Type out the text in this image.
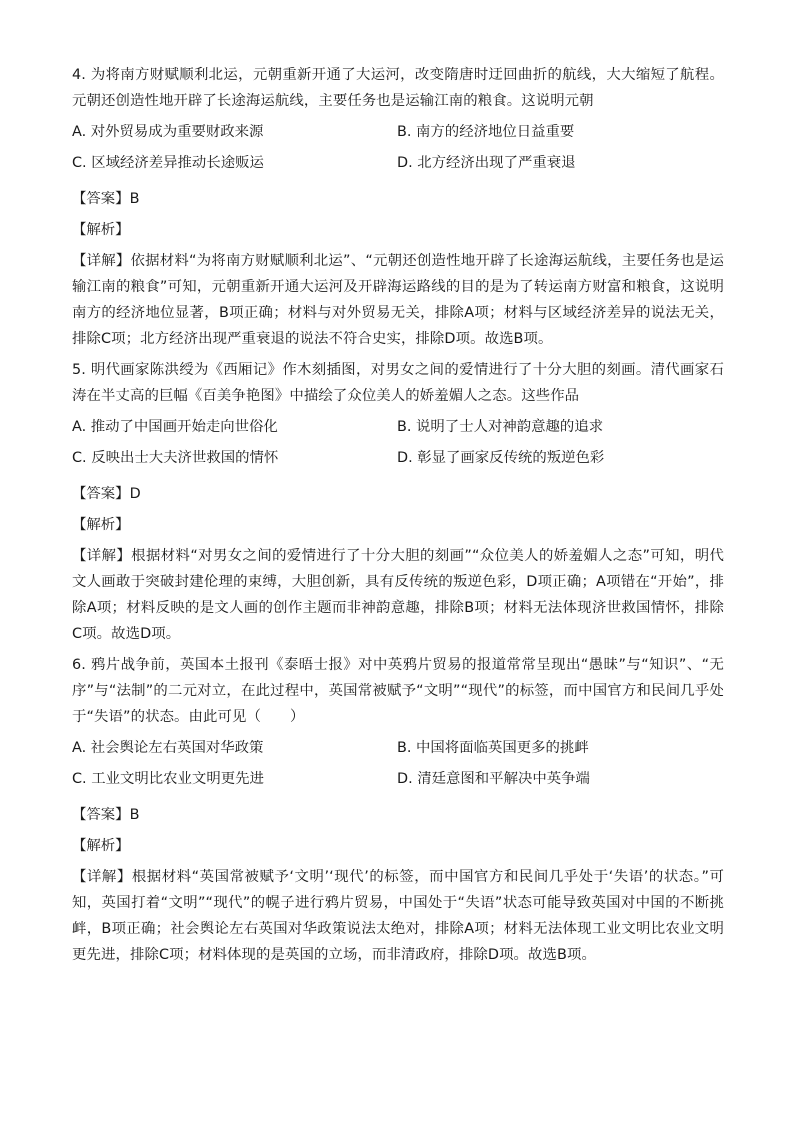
4. 为将南方财赋顺利北运，元朝重新开通了大运河，改变隋唐时迂回曲折的航线，大大缩短了航程。元朝还创造性地开辟了长途海运航线，主要任务也是运输江南的粮食。这说明元朝

A. 对外贸易成为重要财政来源	B. 南方的经济地位日益重要
C. 区域经济差异推动长途贩运	D. 北方经济出现了严重衰退

【答案】B

【解析】

【详解】依据材料“为将南方财赋顺利北运”、“元朝还创造性地开辟了长途海运航线，主要任务也是运输江南的粮食”可知，元朝重新开通大运河及开辟海运路线的目的是为了转运南方财富和粮食，这说明南方的经济地位显著，B项正确；材料与对外贸易无关，排除A项；材料与区域经济差异的说法无关，排除C项；北方经济出现严重衰退的说法不符合史实，排除D项。故选B项。

5. 明代画家陈洪绶为《西厢记》作木刻插图，对男女之间的爱情进行了十分大胆的刻画。清代画家石涛在半丈高的巨幅《百美争艳图》中描绘了众位美人的娇羞媚人之态。这些作品

A. 推动了中国画开始走向世俗化	B. 说明了士人对神韵意趣的追求
C. 反映出士大夫济世救国的情怀	D. 彰显了画家反传统的叛逆色彩

【答案】D

【解析】

【详解】根据材料“对男女之间的爱情进行了十分大胆的刻画”“众位美人的娇羞媚人之态”可知，明代文人画敢于突破封建伦理的束缚，大胆创新，具有反传统的叛逆色彩，D项正确；A项错在“开始”，排除A项；材料反映的是文人画的创作主题而非神韵意趣，排除B项；材料无法体现济世救国情怀，排除C项。故选D项。

6. 鸦片战争前，英国本土报刊《泰晤士报》对中英鸦片贸易的报道常常呈现出“愚昧”与“知识”、“无序”与“法制”的二元对立，在此过程中，英国常被赋予“文明”“现代”的标签，而中国官方和民间几乎处于“失语”的状态。由此可见（　　）

A. 社会舆论左右英国对华政策	B. 中国将面临英国更多的挑衅
C. 工业文明比农业文明更先进	D. 清廷意图和平解决中英争端

【答案】B

【解析】

【详解】根据材料“英国常被赋予‘文明’‘现代’的标签，而中国官方和民间几乎处于‘失语’的状态。”可知，英国打着“文明”“现代”的幌子进行鸦片贸易，中国处于“失语”状态可能导致英国对中国的不断挑衅，B项正确；社会舆论左右英国对华政策说法太绝对，排除A项；材料无法体现工业文明比农业文明更先进，排除C项；材料体现的是英国的立场，而非清政府，排除D项。故选B项。
